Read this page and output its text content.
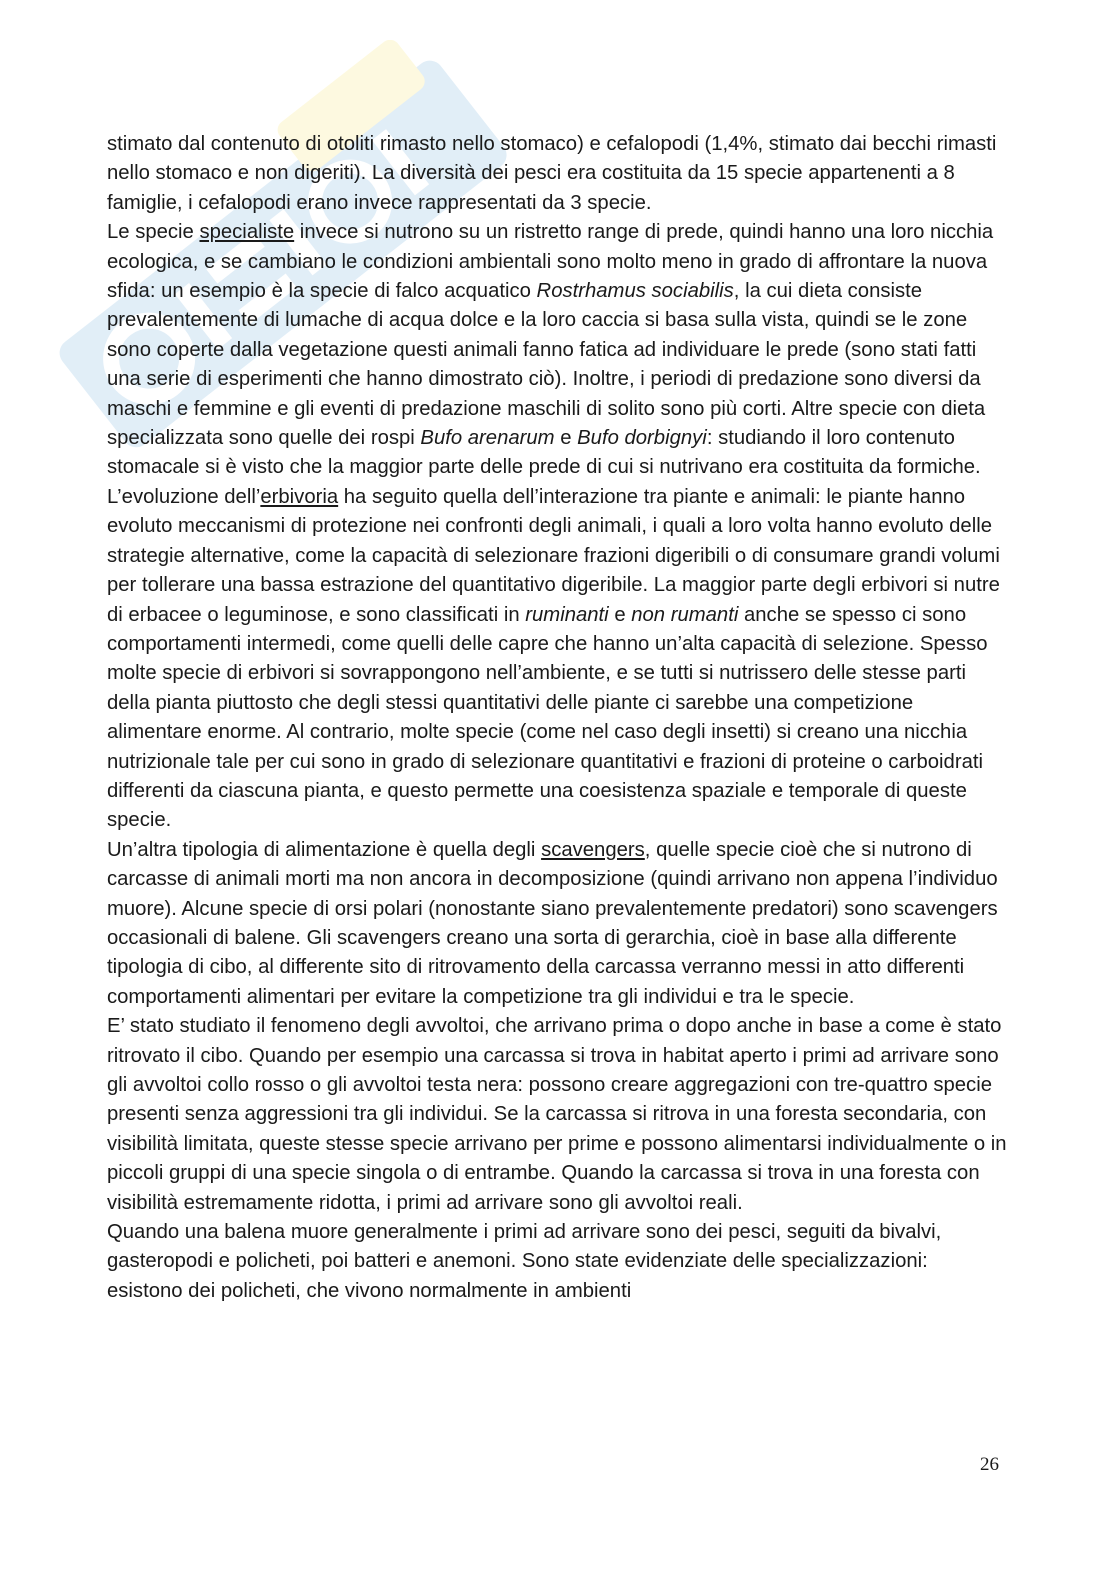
stimato dal contenuto di otoliti rimasto nello stomaco) e cefalopodi (1,4%, stimato dai becchi rimasti nello stomaco e non digeriti). La diversità dei pesci era costituita da 15 specie appartenenti a 8 famiglie, i cefalopodi erano invece rappresentati da 3 specie.

Le specie specialiste invece si nutrono su un ristretto range di prede, quindi hanno una loro nicchia ecologica, e se cambiano le condizioni ambientali sono molto meno in grado di affrontare la nuova sfida: un esempio è la specie di falco acquatico Rostrhamus sociabilis, la cui dieta consiste prevalentemente di lumache di acqua dolce e la loro caccia si basa sulla vista, quindi se le zone sono coperte dalla vegetazione questi animali fanno fatica ad individuare le prede (sono stati fatti una serie di esperimenti che hanno dimostrato ciò). Inoltre, i periodi di predazione sono diversi da maschi e femmine e gli eventi di predazione maschili di solito sono più corti. Altre specie con dieta specializzata sono quelle dei rospi Bufo arenarum e Bufo dorbignyi: studiando il loro contenuto stomacale si è visto che la maggior parte delle prede di cui si nutrivano era costituita da formiche.

L’evoluzione dell’erbivoria ha seguito quella dell’interazione tra piante e animali: le piante hanno evoluto meccanismi di protezione nei confronti degli animali, i quali a loro volta hanno evoluto delle strategie alternative, come la capacità di selezionare frazioni digeribili o di consumare grandi volumi per tollerare una bassa estrazione del quantitativo digeribile. La maggior parte degli erbivori si nutre di erbacee o leguminose, e sono classificati in ruminanti e non rumanti anche se spesso ci sono comportamenti intermedi, come quelli delle capre che hanno un’alta capacità di selezione. Spesso molte specie di erbivori si sovrappongono nell’ambiente, e se tutti si nutrissero delle stesse parti della pianta piuttosto che degli stessi quantitativi delle piante ci sarebbe una competizione alimentare enorme. Al contrario, molte specie (come nel caso degli insetti) si creano una nicchia nutrizionale tale per cui sono in grado di selezionare quantitativi e frazioni di proteine o carboidrati differenti da ciascuna pianta, e questo permette una coesistenza spaziale e temporale di queste specie.

Un’altra tipologia di alimentazione è quella degli scavengers, quelle specie cioè che si nutrono di carcasse di animali morti ma non ancora in decomposizione (quindi arrivano non appena l’individuo muore). Alcune specie di orsi polari (nonostante siano prevalentemente predatori) sono scavengers occasionali di balene. Gli scavengers creano una sorta di gerarchia, cioè in base alla differente tipologia di cibo, al differente sito di ritrovamento della carcassa verranno messi in atto differenti comportamenti alimentari per evitare la competizione tra gli individui e tra le specie.

E’ stato studiato il fenomeno degli avvoltoi, che arrivano prima o dopo anche in base a come è stato ritrovato il cibo. Quando per esempio una carcassa si trova in habitat aperto i primi ad arrivare sono gli avvoltoi collo rosso o gli avvoltoi testa nera: possono creare aggregazioni con tre-quattro specie presenti senza aggressioni tra gli individui. Se la carcassa si ritrova in una foresta secondaria, con visibilità limitata, queste stesse specie arrivano per prime e possono alimentarsi individualmente o in piccoli gruppi di una specie singola o di entrambe. Quando la carcassa si trova in una foresta con visibilità estremamente ridotta, i primi ad arrivare sono gli avvoltoi reali.

Quando una balena muore generalmente i primi ad arrivare sono dei pesci, seguiti da bivalvi, gasteropodi e policheti, poi batteri e anemoni. Sono state evidenziate delle specializzazioni: esistono dei policheti, che vivono normalmente in ambienti

26
